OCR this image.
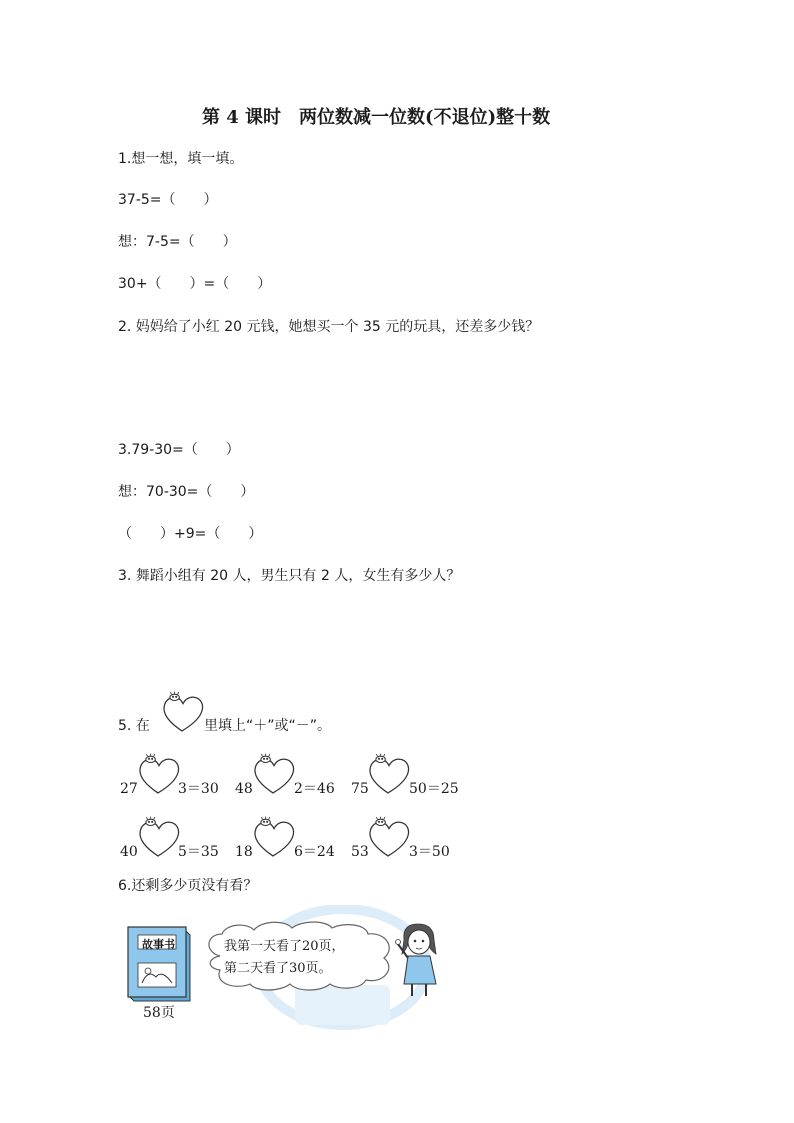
第 4 课时　两位数减一位数(不退位)整十数
1.想一想，填一填。
37-5=（　　）
想：7-5=（　　）
30+（　　）=（　　）
2. 妈妈给了小红 20 元钱，她想买一个 35 元的玩具，还差多少钱？
3.79-30=（　　）
想：70-30=（　　）
（　　）+9=（　　）
3. 舞蹈小组有 20 人，男生只有 2 人，女生有多少人？
5. 在	里填上“＋”或“－”。
27	3＝30 48	2＝46 75	50＝25
40	5＝35 18	6＝24 53	3＝50
6.还剩多少页没有看？
故事书
58页
我第一天看了20页，
第二天看了30页。
